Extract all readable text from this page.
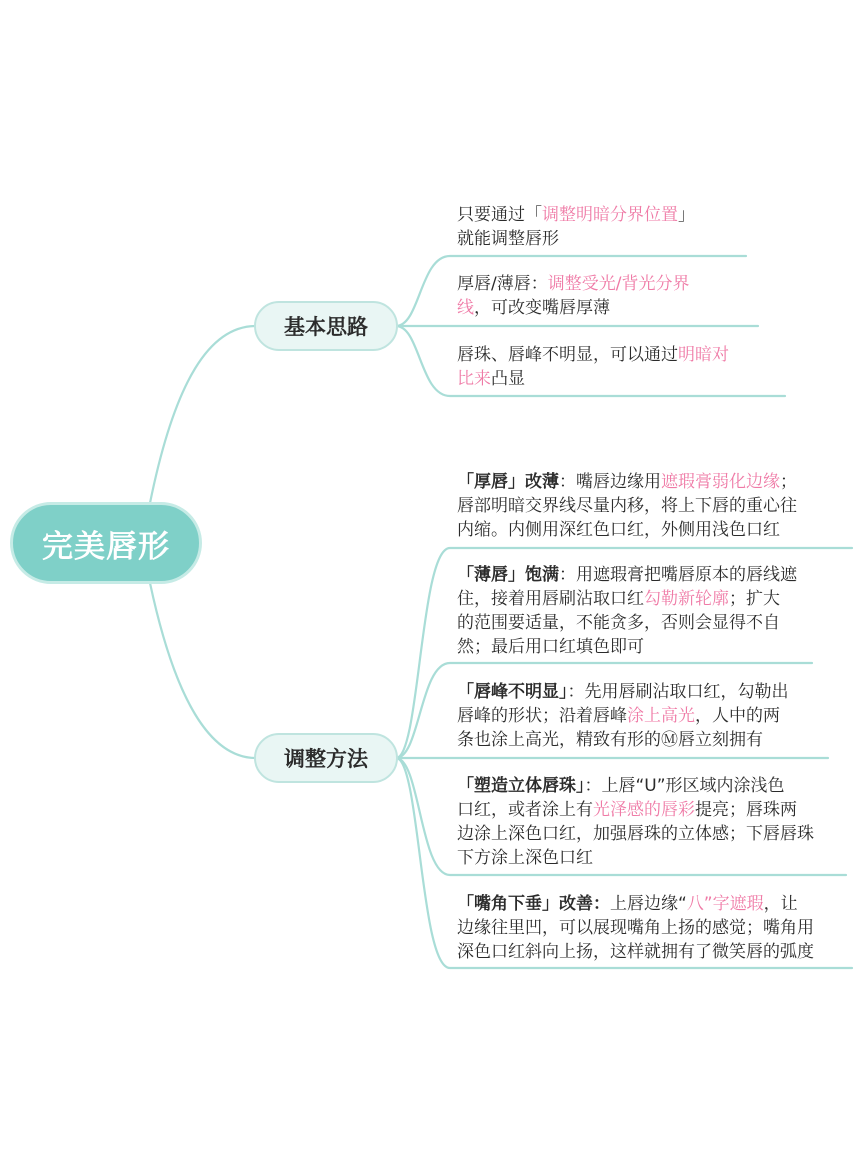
完美唇形
基本思路
调整方法

只要通过「调整明暗分界位置」
就能调整唇形

厚唇/薄唇：调整受光/背光分界
线，可改变嘴唇厚薄

唇珠、唇峰不明显，可以通过明暗对
比来凸显

「厚唇」改薄：嘴唇边缘用遮瑕膏弱化边缘；
唇部明暗交界线尽量内移，将上下唇的重心往
内缩。内侧用深红色口红，外侧用浅色口红

「薄唇」饱满：用遮瑕膏把嘴唇原本的唇线遮
住，接着用唇刷沾取口红勾勒新轮廓；扩大
的范围要适量，不能贪多，否则会显得不自
然；最后用口红填色即可

「唇峰不明显」：先用唇刷沾取口红，勾勒出
唇峰的形状；沿着唇峰涂上高光，人中的两
条也涂上高光，精致有形的Ⓜ唇立刻拥有

「塑造立体唇珠」：上唇“U”形区域内涂浅色
口红，或者涂上有光泽感的唇彩提亮；唇珠两
边涂上深色口红，加强唇珠的立体感；下唇唇珠
下方涂上深色口红

「嘴角下垂」改善：上唇边缘“八”字遮瑕，让
边缘往里凹，可以展现嘴角上扬的感觉；嘴角用
深色口红斜向上扬，这样就拥有了微笑唇的弧度
